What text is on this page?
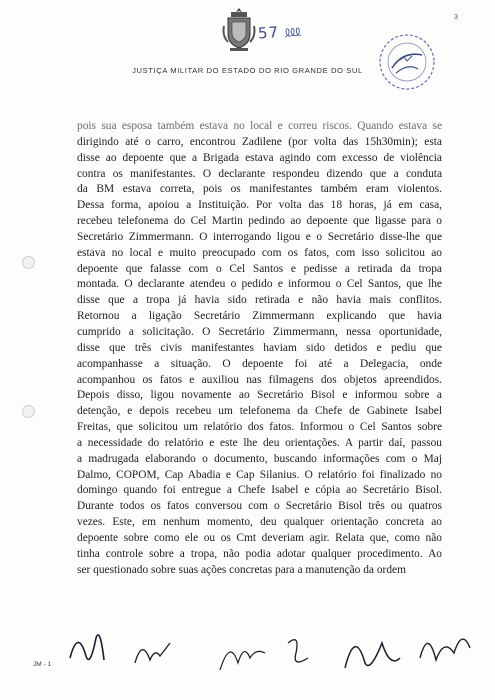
57 ⅏
3
JUSTIÇA MILITAR DO ESTADO DO RIO GRANDE DO SUL
pois sua esposa também estava no local e correu riscos. Quando estava se
dirigindo até o carro, encontrou Zadilene (por volta das 15h30min); esta
disse ao depoente que a Brigada estava agindo com excesso de violência
contra os manifestantes. O declarante respondeu dizendo que a conduta
da BM estava correta, pois os manifestantes também eram violentos.
Dessa forma, apoiou a Instituição. Por volta das 18 horas, já em casa,
recebeu telefonema do Cel Martin pedindo ao depoente que ligasse para o
Secretário Zimmermann. O interrogando ligou e o Secretário disse-lhe que
estava no local e muito preocupado com os fatos, com isso solicitou ao
depoente que falasse com o Cel Santos e pedisse a retirada da tropa
montada. O declarante atendeu o pedido e informou o Cel Santos, que lhe
disse que a tropa já havia sido retirada e não havia mais conflitos.
Retornou a ligação Secretário Zimmermann explicando que havia
cumprido a solicitação. O Secretário Zimmermann, nessa oportunidade,
disse que três civis manifestantes haviam sido detidos e pediu que
acompanhasse a situação. O depoente foi até a Delegacia, onde
acompanhou os fatos e auxiliou nas filmagens dos objetos apreendidos.
Depois disso, ligou novamente ao Secretário Bisol e informou sobre a
detenção, e depois recebeu um telefonema da Chefe de Gabinete Isabel
Freitas, que solicitou um relatório dos fatos. Informou o Cel Santos sobre
a necessidade do relatório e este lhe deu orientações. A partir daí, passou
a madrugada elaborando o documento, buscando informações com o Maj
Dalmo, COPOM, Cap Abadia e Cap Silanius. O relatório foi finalizado no
domingo quando foi entregue a Chefe Isabel e cópia ao Secretário Bisol.
Durante todos os fatos conversou com o Secretário Bisol três ou quatros
vezes. Este, em nenhum momento, deu qualquer orientação concreta ao
depoente sobre como ele ou os Cmt deveriam agir. Relata que, como não
tinha controle sobre a tropa, não podia adotar qualquer procedimento. Ao
ser questionado sobre suas ações concretas para a manutenção da ordem
JM - 1
